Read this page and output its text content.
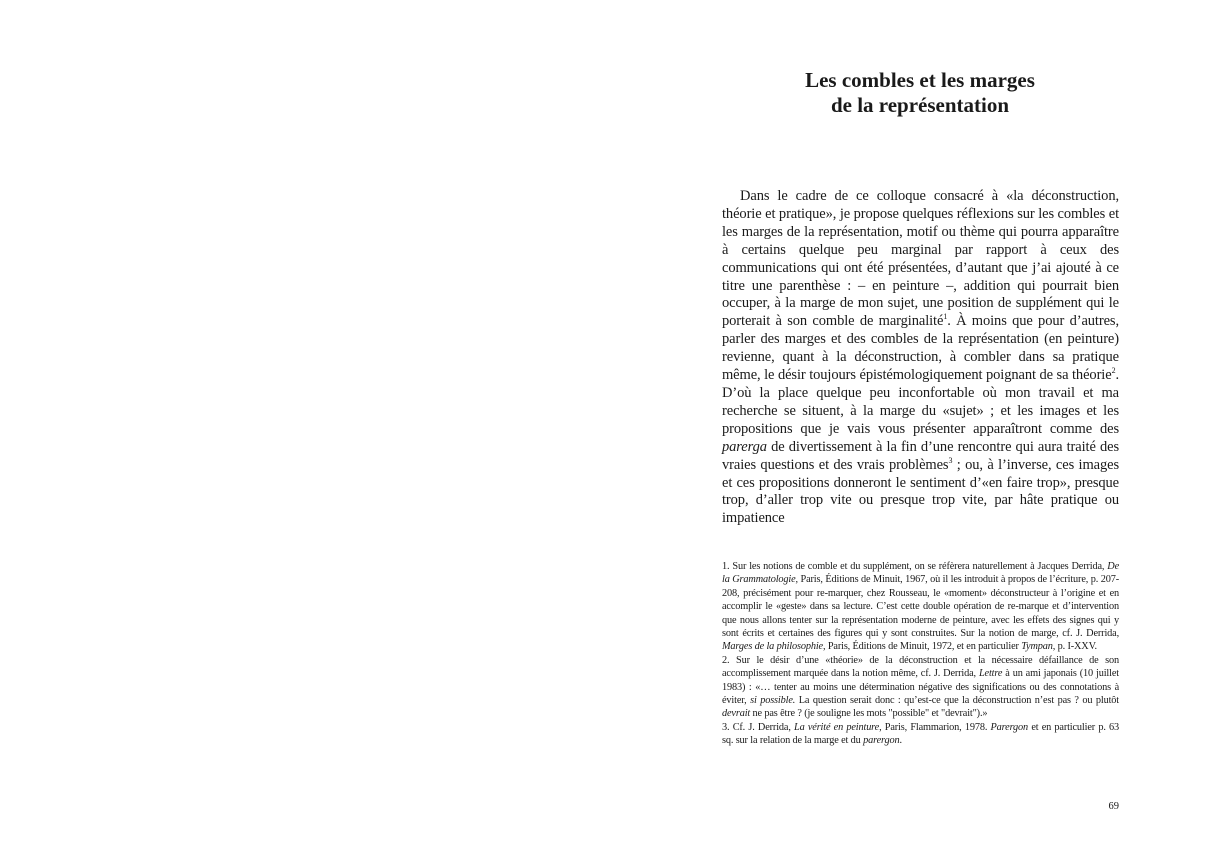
Les combles et les marges
de la représentation

Dans le cadre de ce colloque consacré à «la déconstruction, théorie et pratique», je propose quelques réflexions sur les combles et les marges de la représentation, motif ou thème qui pourra apparaître à certains quelque peu marginal par rapport à ceux des communications qui ont été présentées, d’autant que j’ai ajouté à ce titre une parenthèse : – en peinture –, addition qui pourrait bien occuper, à la marge de mon sujet, une position de supplément qui le porterait à son comble de marginalité$^1$. À moins que pour d’autres, parler des marges et des combles de la représentation (en peinture) revienne, quant à la déconstruction, à combler dans sa pratique même, le désir toujours épistémologiquement poignant de sa théorie$^2$. D’où la place quelque peu inconfortable où mon travail et ma recherche se situent, à la marge du «sujet» ; et les images et les propositions que je vais vous présenter apparaîtront comme des parerga de divertissement à la fin d’une rencontre qui aura traité des vraies questions et des vrais problèmes$^3$ ; ou, à l’inverse, ces images et ces propositions donneront le sentiment d’«en faire trop», presque trop, d’aller trop vite ou presque trop vite, par hâte pratique ou impatience

1. Sur les notions de comble et du supplément, on se réfèrera naturellement à Jacques Derrida, De la Grammatologie, Paris, Éditions de Minuit, 1967, où il les introduit à propos de l’écriture, p. 207-208, précisément pour re-marquer, chez Rousseau, le «moment» déconstructeur à l’origine et en accomplir le «geste» dans sa lecture. C’est cette double opération de re-marque et d’intervention que nous allons tenter sur la représentation moderne de peinture, avec les effets des signes qui y sont écrits et certaines des figures qui y sont construites. Sur la notion de marge, cf. J. Derrida, Marges de la philosophie, Paris, Éditions de Minuit, 1972, et en particulier Tympan, p. I-XXV.

2. Sur le désir d’une «théorie» de la déconstruction et la nécessaire défaillance de son accomplissement marquée dans la notion même, cf. J. Derrida, Lettre à un ami japonais (10 juillet 1983) : «… tenter au moins une détermination négative des significations ou des connotations à éviter, si possible. La question serait donc : qu’est-ce que la déconstruction n’est pas ? ou plutôt devrait ne pas être ? (je souligne les mots "possible" et "devrait").»

3. Cf. J. Derrida, La vérité en peinture, Paris, Flammarion, 1978. Parergon et en particulier p. 63 sq. sur la relation de la marge et du parergon.

69
